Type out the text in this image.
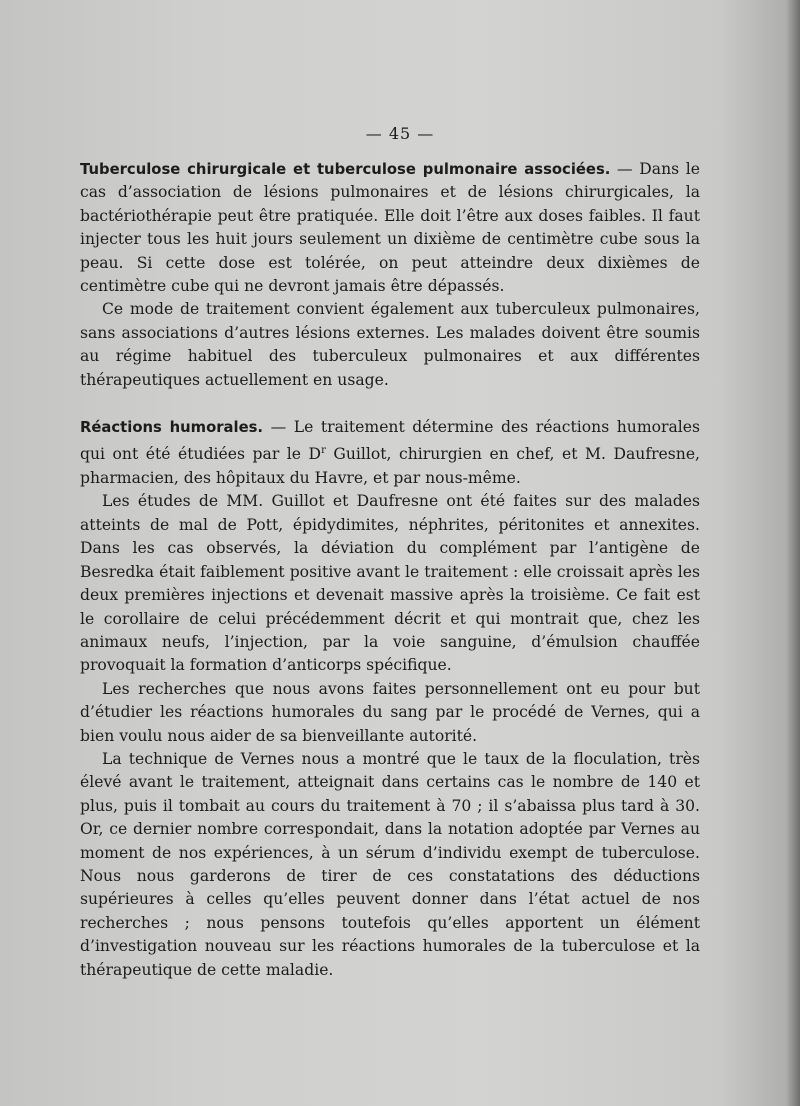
— 45 —

Tuberculose chirurgicale et tuberculose pulmonaire associées. — Dans le cas d’association de lésions pulmonaires et de lésions chirurgicales, la bactériothérapie peut être pratiquée. Elle doit l’être aux doses faibles. Il faut injecter tous les huit jours seulement un dixième de centimètre cube sous la peau. Si cette dose est tolérée, on peut atteindre deux dixièmes de centimètre cube qui ne devront jamais être dépassés.

Ce mode de traitement convient également aux tuberculeux pulmonaires, sans associations d’autres lésions externes. Les malades doivent être soumis au régime habituel des tuberculeux pulmonaires et aux différentes thérapeutiques actuellement en usage.

Réactions humorales. — Le traitement détermine des réactions humorales qui ont été étudiées par le $D^r$ Guillot, chirurgien en chef, et M. Daufresne, pharmacien, des hôpitaux du Havre, et par nous-même.

Les études de MM. Guillot et Daufresne ont été faites sur des malades atteints de mal de Pott, épidydimites, néphrites, péritonites et annexites. Dans les cas observés, la déviation du complément par l’antigène de Besredka était faiblement positive avant le traitement : elle croissait après les deux premières injections et devenait massive après la troisième. Ce fait est le corollaire de celui précédemment décrit et qui montrait que, chez les animaux neufs, l’injection, par la voie sanguine, d’émulsion chauffée provoquait la formation d’anticorps spécifique.

Les recherches que nous avons faites personnellement ont eu pour but d’étudier les réactions humorales du sang par le procédé de Vernes, qui a bien voulu nous aider de sa bienveillante autorité.

La technique de Vernes nous a montré que le taux de la floculation, très élevé avant le traitement, atteignait dans certains cas le nombre de 140 et plus, puis il tombait au cours du traitement à 70 ; il s’abaissa plus tard à 30. Or, ce dernier nombre correspondait, dans la notation adoptée par Vernes au moment de nos expériences, à un sérum d’individu exempt de tuberculose. Nous nous garderons de tirer de ces constatations des déductions supérieures à celles qu’elles peuvent donner dans l’état actuel de nos recherches ; nous pensons toutefois qu’elles apportent un élément d’investigation nouveau sur les réactions humorales de la tuberculose et la thérapeutique de cette maladie.
